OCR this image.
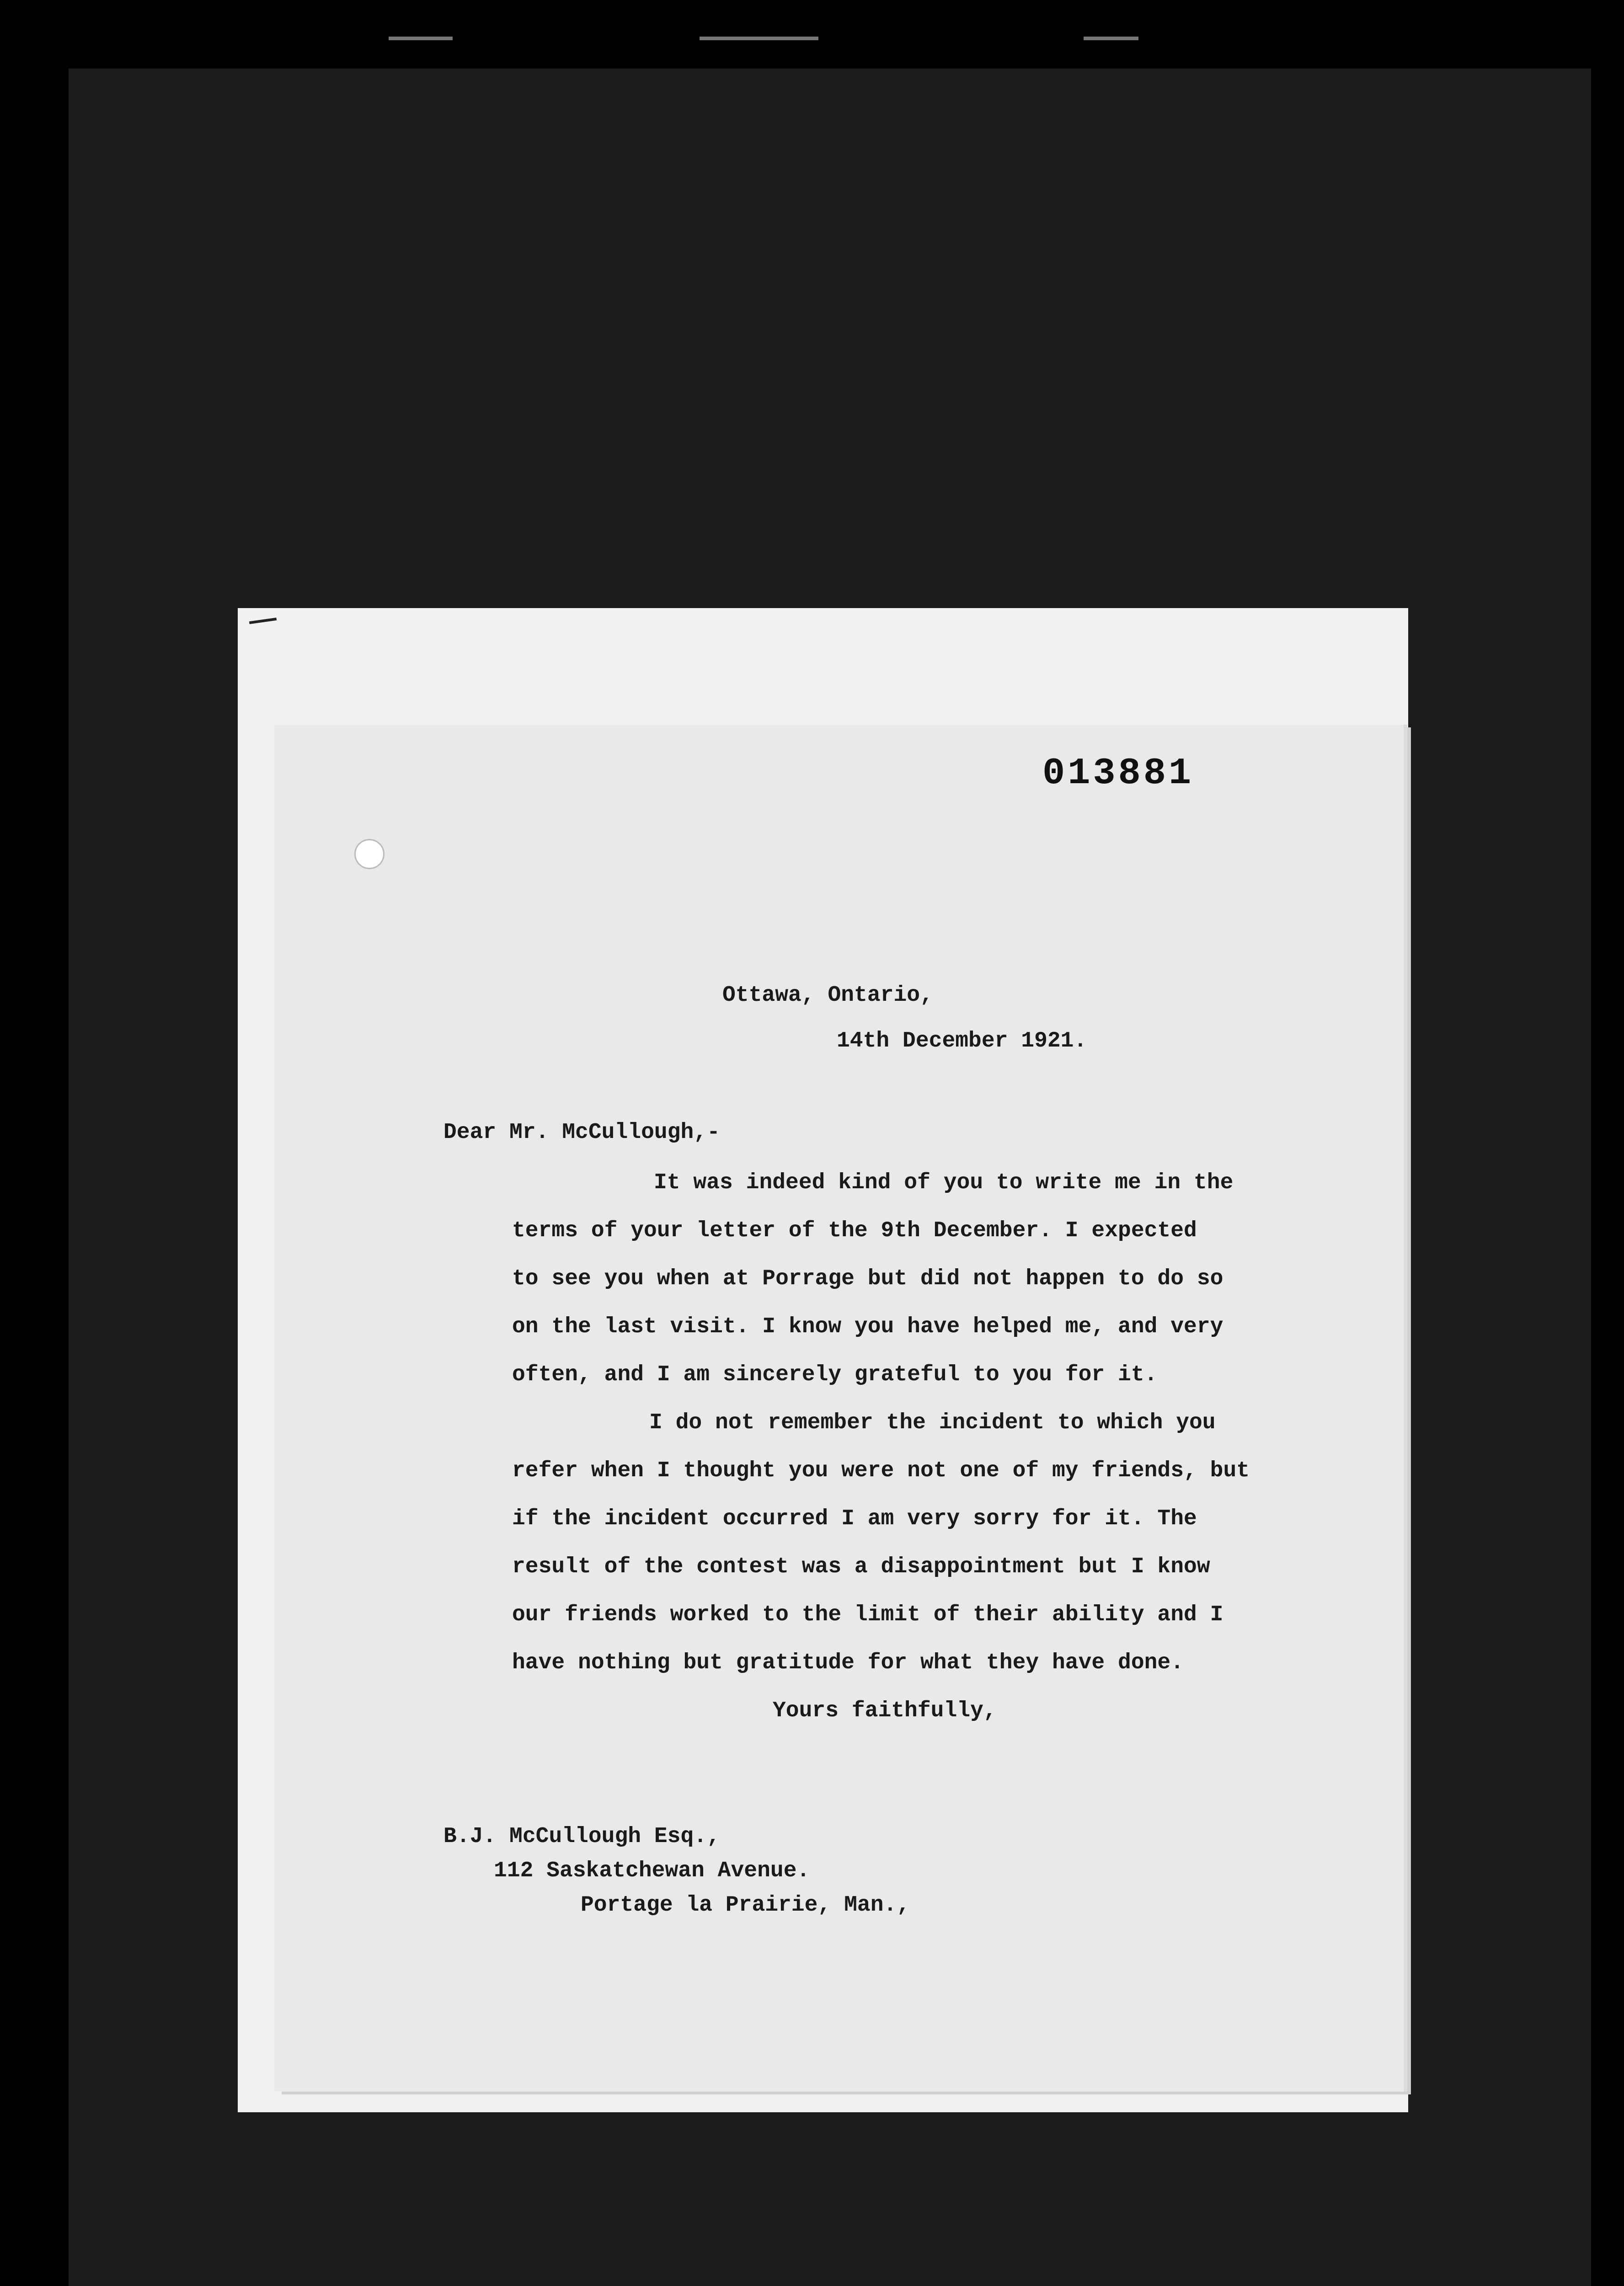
013881
Ottawa, Ontario,
14th December 1921.
Dear Mr. McCullough,-
It was indeed kind of you to write me in the
terms of your letter of the 9th December. I expected
to see you when at Porrage but did not happen to do so
on the last visit. I know you have helped me, and very
often, and I am sincerely grateful to you for it.
I do not remember the incident to which you
refer when I thought you were not one of my friends, but
if the incident occurred I am very sorry for it. The
result of the contest was a disappointment but I know
our friends worked to the limit of their ability and I
have nothing but gratitude for what they have done.
Yours faithfully,
B.J. McCullough Esq.,
112 Saskatchewan Avenue.
Portage la Prairie, Man.,
